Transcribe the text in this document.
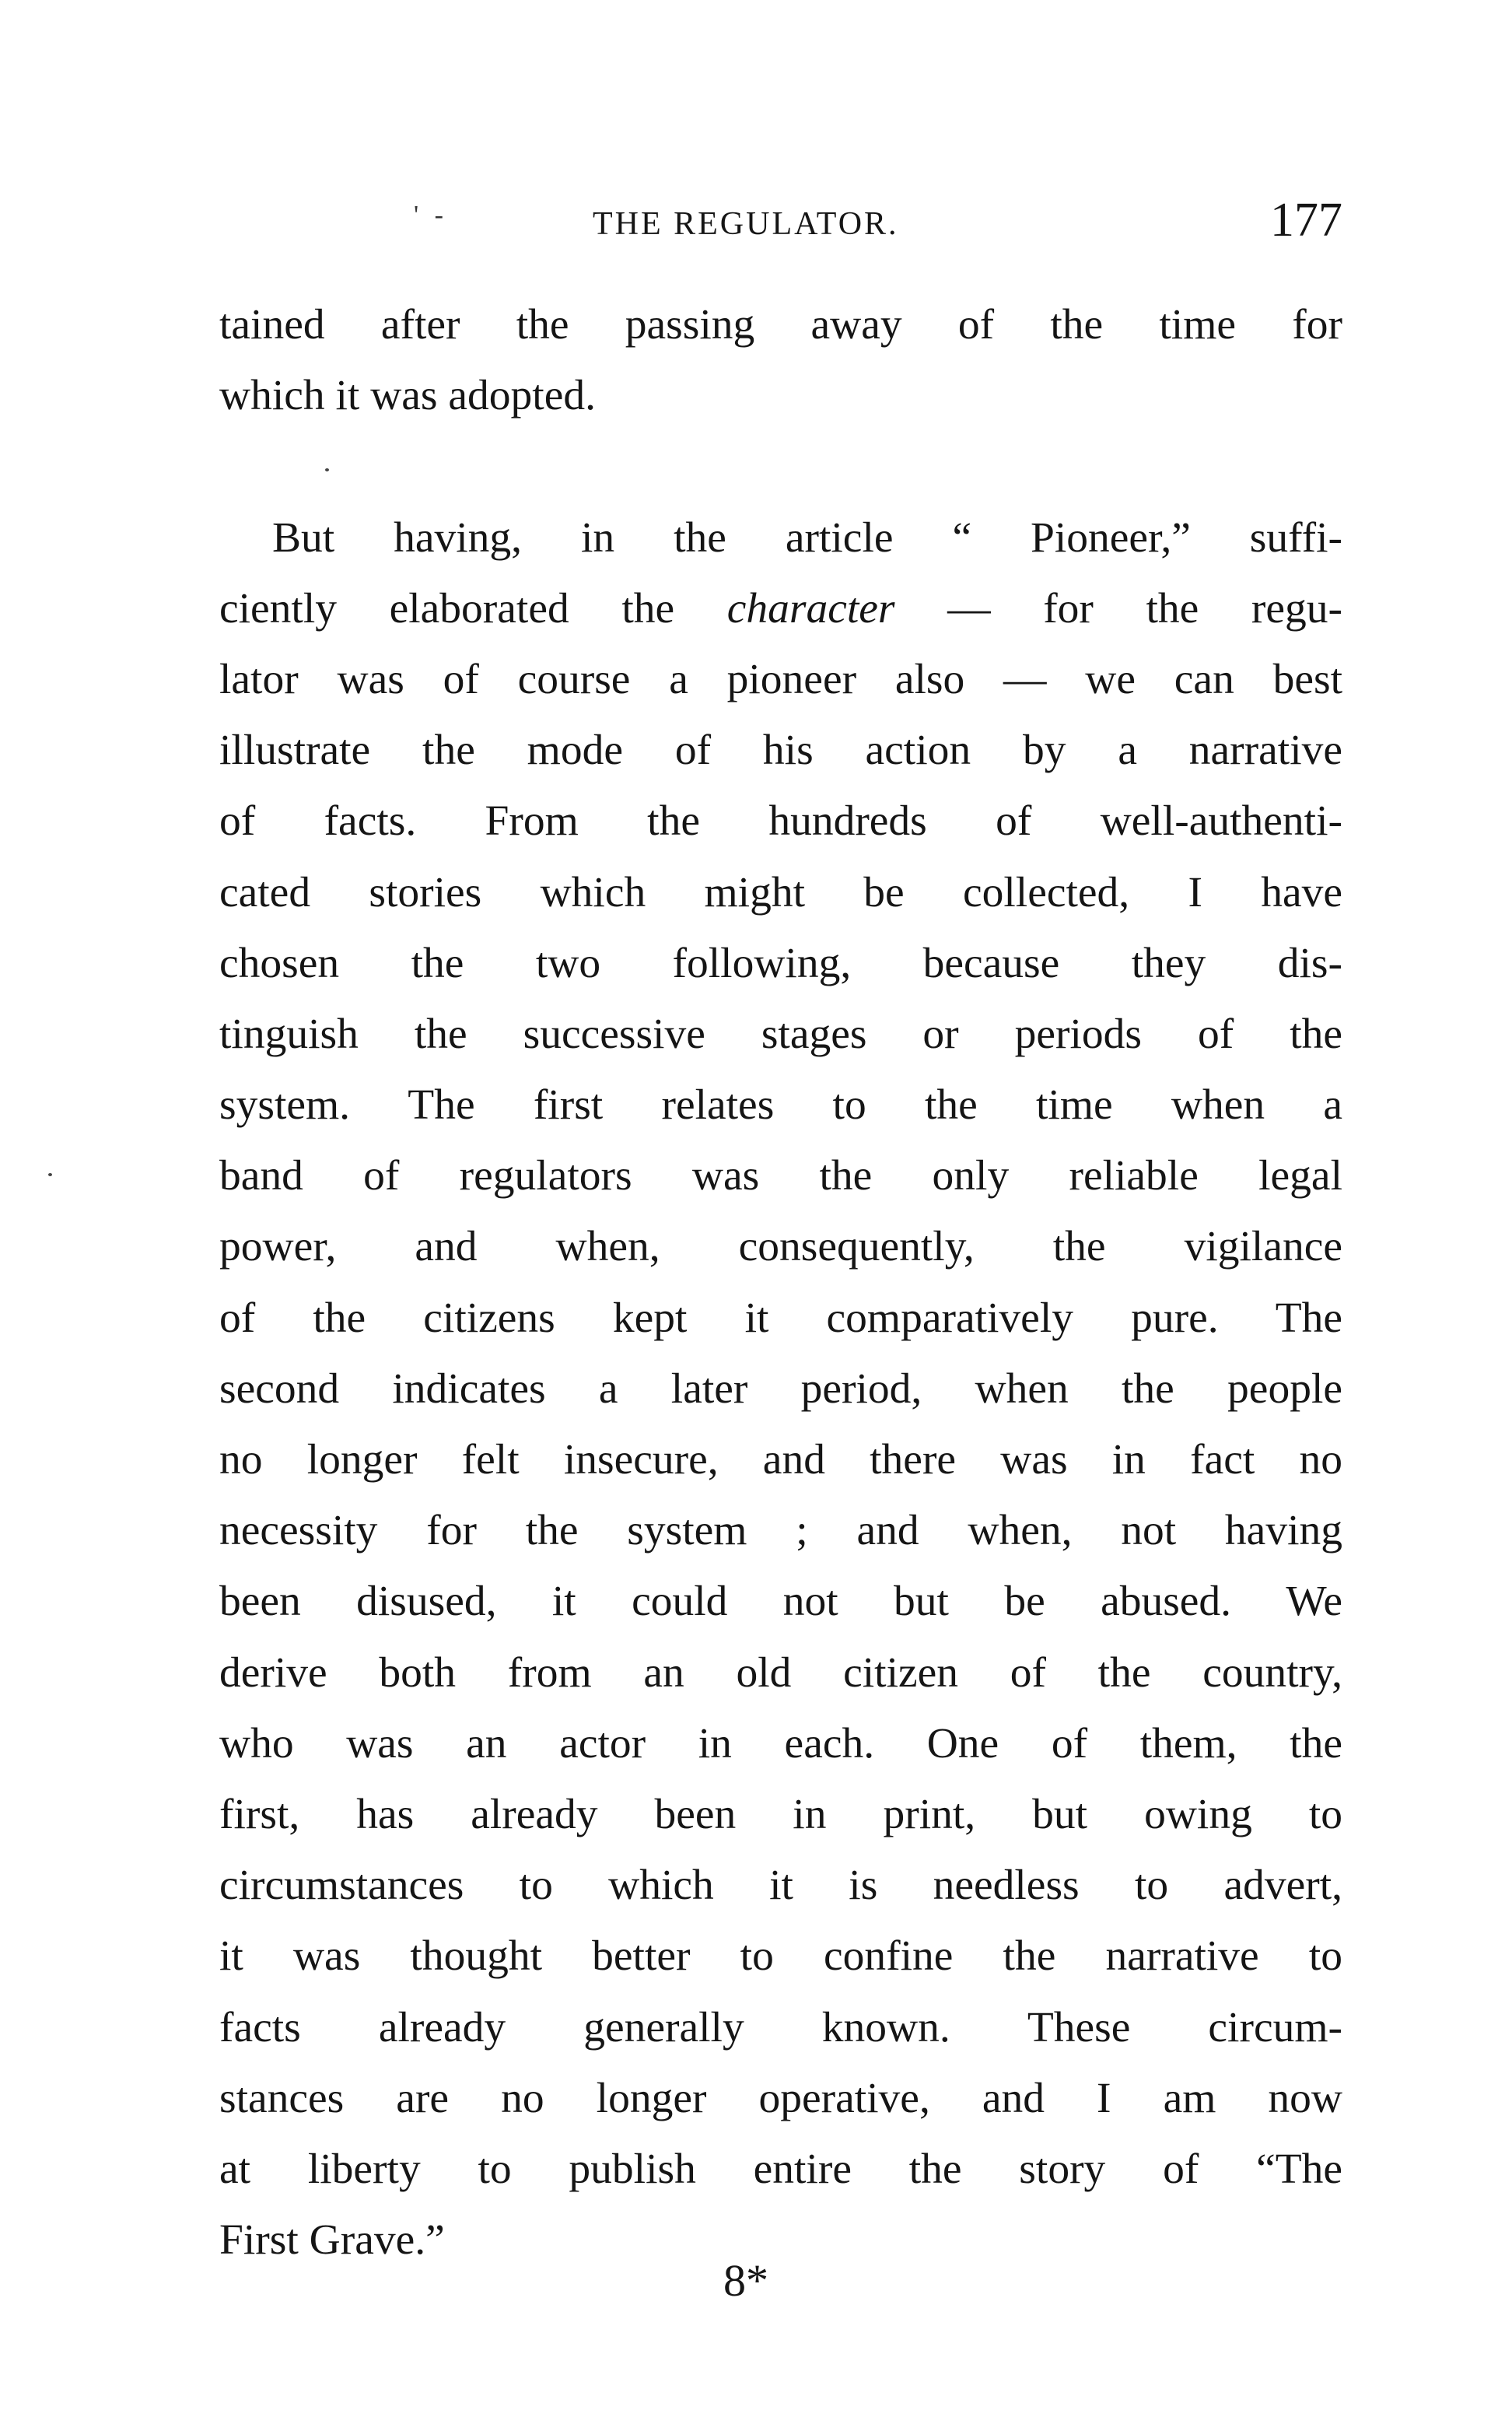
' -	THE REGULATOR.	177
tained after the passing away of the time for
which it was adopted.
But having, in the article “ Pioneer,” suffi-
ciently elaborated the character — for the regu-
lator was of course a pioneer also — we can best
illustrate the mode of his action by a narrative
of facts. From the hundreds of well-authenti-
cated stories which might be collected, I have
chosen the two following, because they dis-
tinguish the successive stages or periods of the
system. The first relates to the time when a
band of regulators was the only reliable legal
power, and when, consequently, the vigilance
of the citizens kept it comparatively pure. The
second indicates a later period, when the people
no longer felt insecure, and there was in fact no
necessity for the system ; and when, not having
been disused, it could not but be abused. We
derive both from an old citizen of the country,
who was an actor in each. One of them, the
first, has already been in print, but owing to
circumstances to which it is needless to advert,
it was thought better to confine the narrative to
facts already generally known. These circum-
stances are no longer operative, and I am now
at liberty to publish entire the story of “The
First Grave.”
8*
